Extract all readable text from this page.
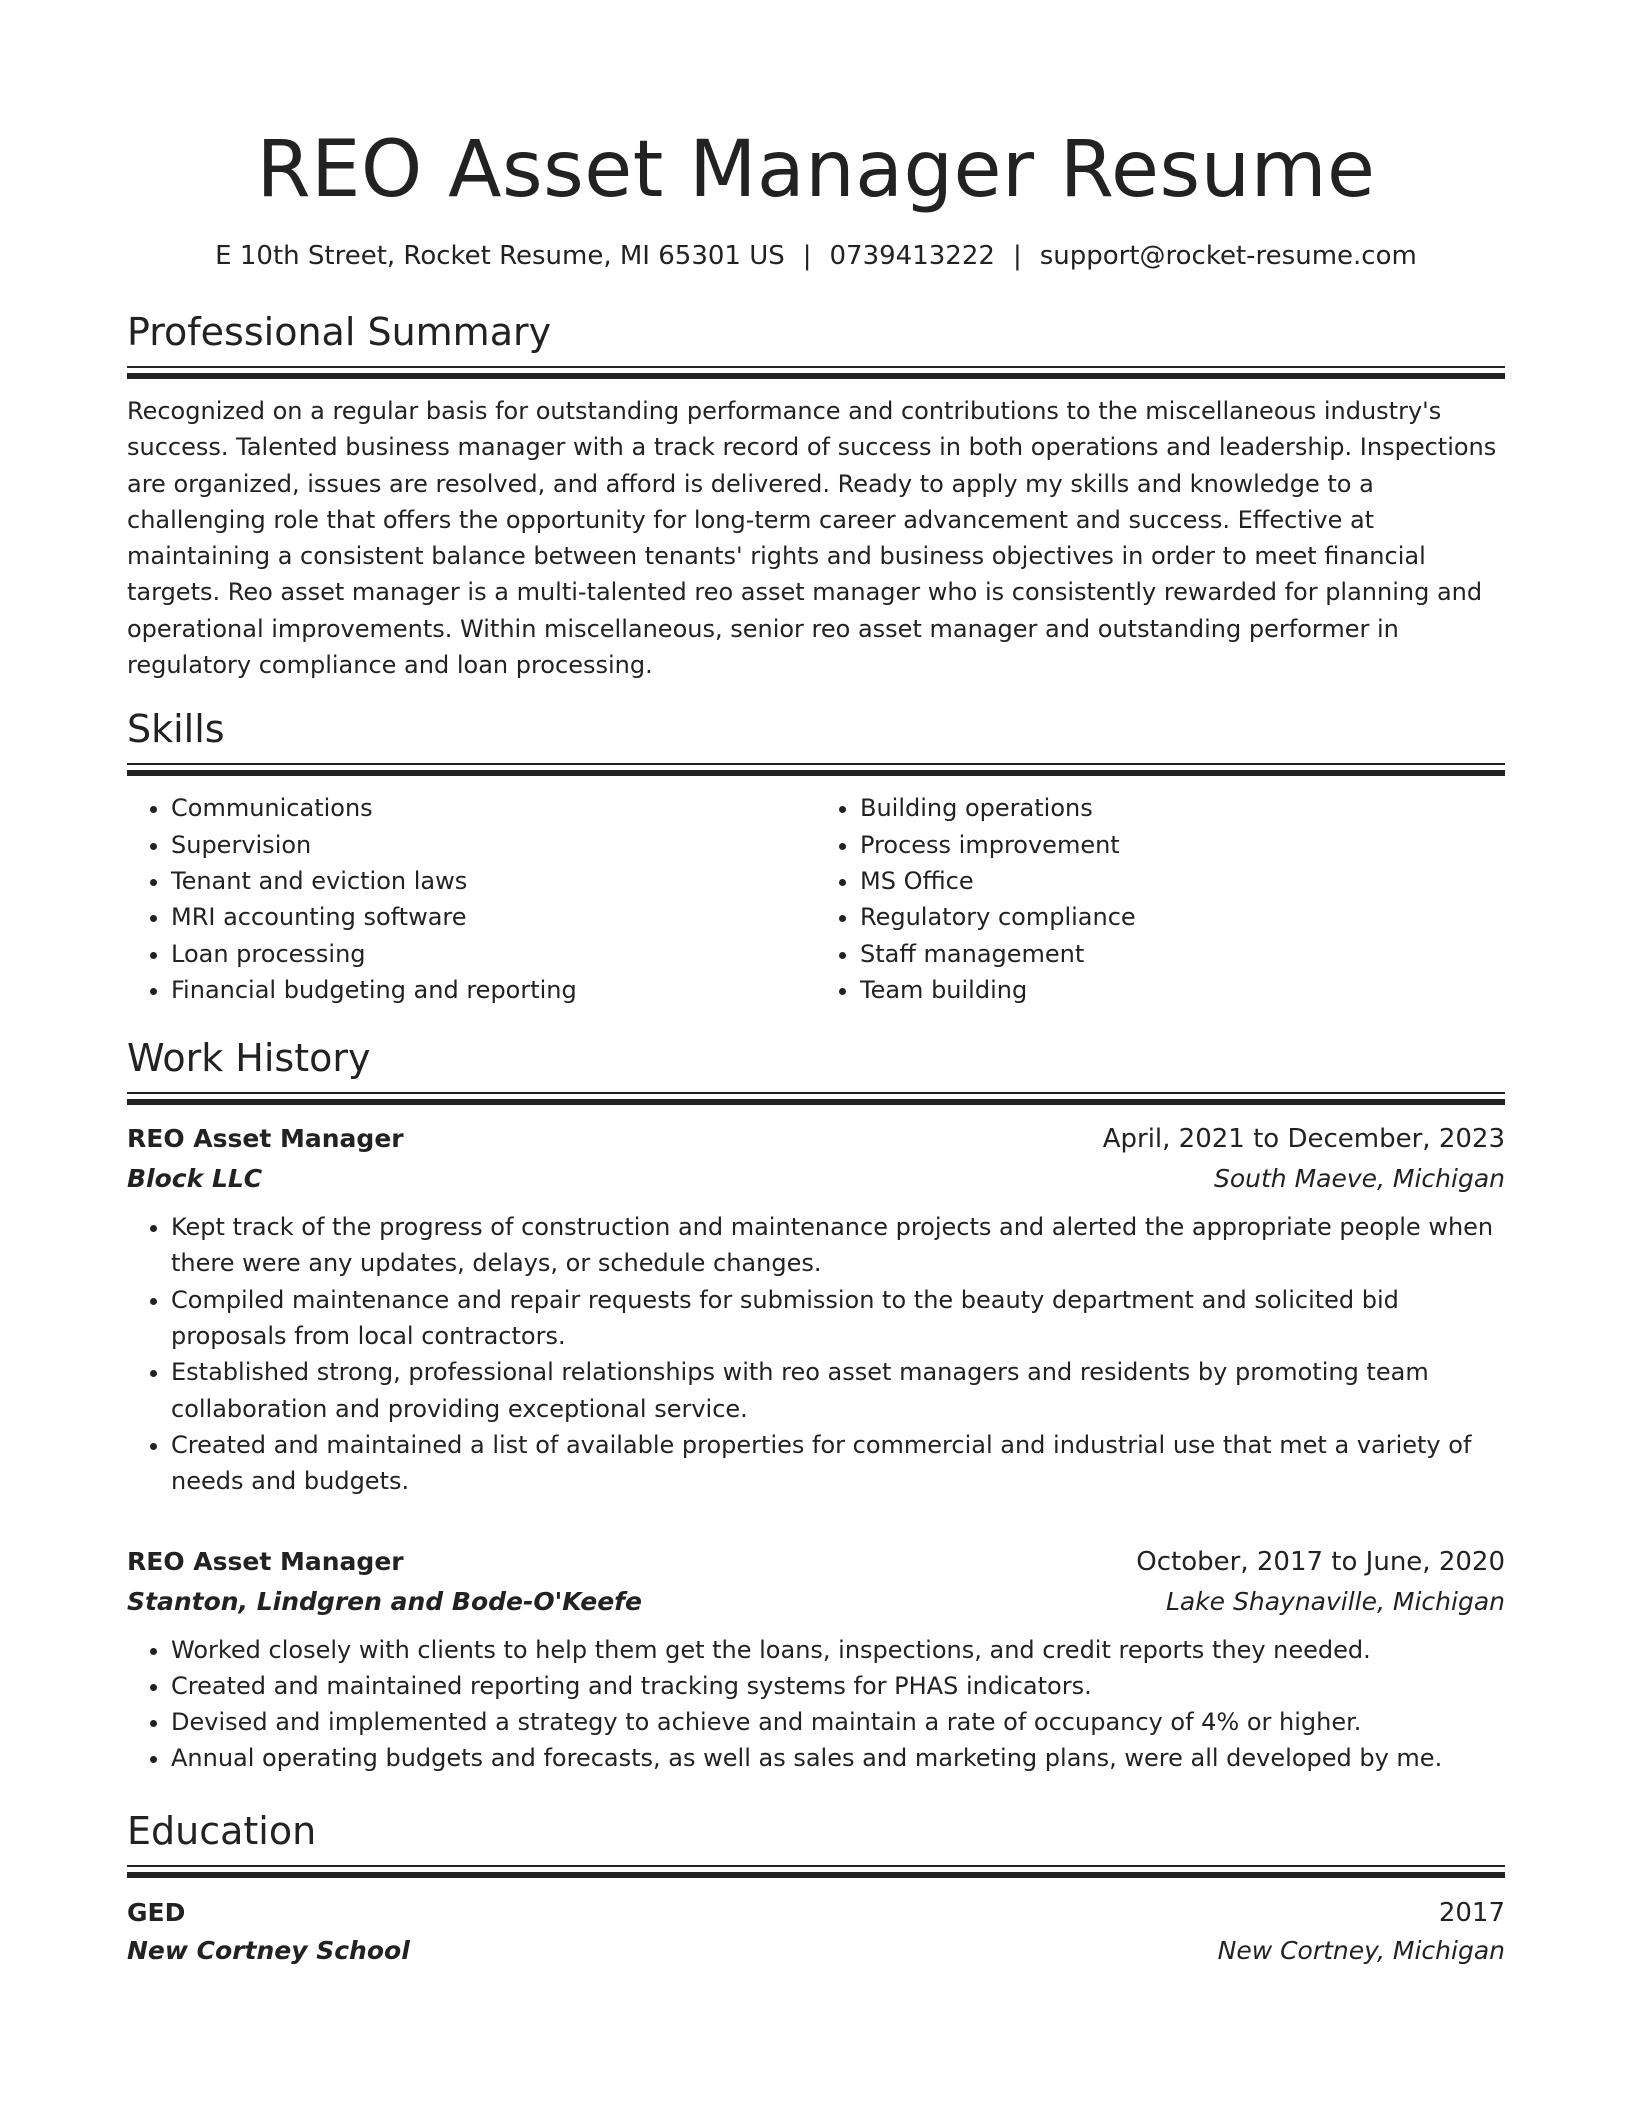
REO Asset Manager Resume
E 10th Street, Rocket Resume, MI 65301 US | 0739413222 | support@rocket-resume.com
Professional Summary
Recognized on a regular basis for outstanding performance and contributions to the miscellaneous industry's success. Talented business manager with a track record of success in both operations and leadership. Inspections are organized, issues are resolved, and afford is delivered. Ready to apply my skills and knowledge to a challenging role that offers the opportunity for long-term career advancement and success. Effective at maintaining a consistent balance between tenants' rights and business objectives in order to meet financial targets. Reo asset manager is a multi-talented reo asset manager who is consistently rewarded for planning and operational improvements. Within miscellaneous, senior reo asset manager and outstanding performer in regulatory compliance and loan processing.
Skills
• Communications
• Supervision
• Tenant and eviction laws
• MRI accounting software
• Loan processing
• Financial budgeting and reporting
• Building operations
• Process improvement
• MS Office
• Regulatory compliance
• Staff management
• Team building
Work History
REO Asset Manager	April, 2021 to December, 2023
Block LLC	South Maeve, Michigan
• Kept track of the progress of construction and maintenance projects and alerted the appropriate people when there were any updates, delays, or schedule changes.
• Compiled maintenance and repair requests for submission to the beauty department and solicited bid proposals from local contractors.
• Established strong, professional relationships with reo asset managers and residents by promoting team collaboration and providing exceptional service.
• Created and maintained a list of available properties for commercial and industrial use that met a variety of needs and budgets.
REO Asset Manager	October, 2017 to June, 2020
Stanton, Lindgren and Bode-O'Keefe	Lake Shaynaville, Michigan
• Worked closely with clients to help them get the loans, inspections, and credit reports they needed.
• Created and maintained reporting and tracking systems for PHAS indicators.
• Devised and implemented a strategy to achieve and maintain a rate of occupancy of 4% or higher.
• Annual operating budgets and forecasts, as well as sales and marketing plans, were all developed by me.
Education
GED	2017
New Cortney School	New Cortney, Michigan
